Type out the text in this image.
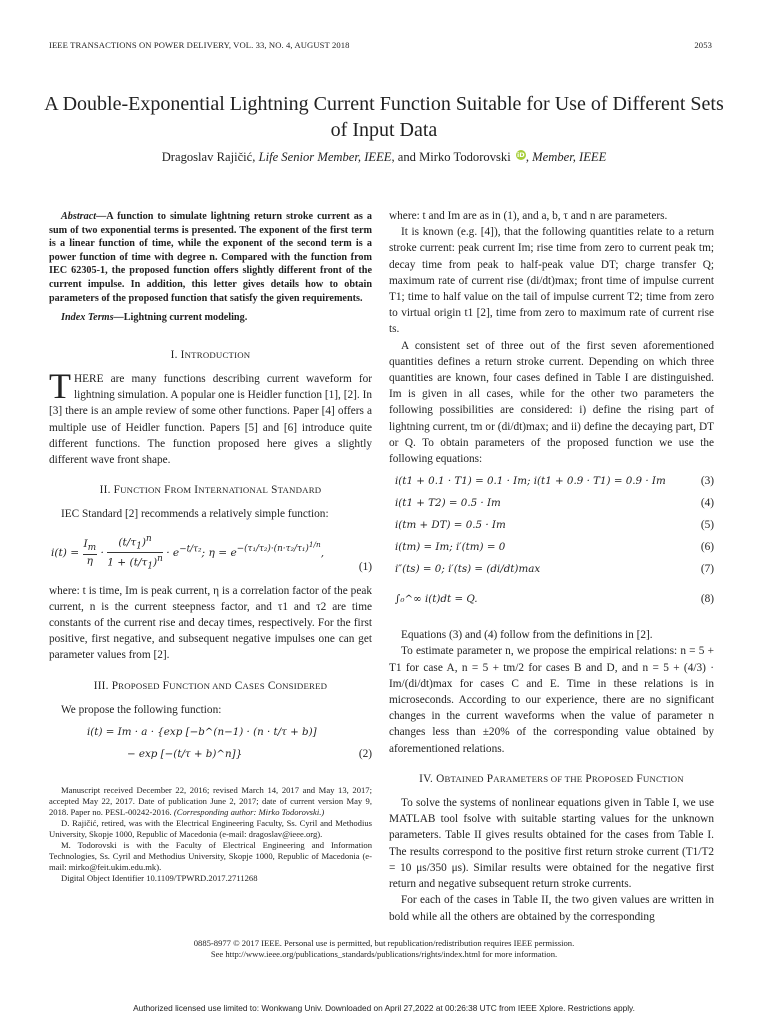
IEEE TRANSACTIONS ON POWER DELIVERY, VOL. 33, NO. 4, AUGUST 2018	2053
A Double-Exponential Lightning Current Function Suitable for Use of Different Sets of Input Data
Dragoslav Rajičić, Life Senior Member, IEEE, and Mirko Todorovski iD, Member, IEEE

Abstract—A function to simulate lightning return stroke current as a sum of two exponential terms is presented. The exponent of the first term is a linear function of time, while the exponent of the second term is a power function of time with degree n. Compared with the function from IEC 62305-1, the proposed function offers slightly different front of the current impulse. In addition, this letter gives details how to obtain parameters of the proposed function that satisfy the given requirements.

Index Terms—Lightning current modeling.

I. INTRODUCTION

THERE are many functions describing current waveform for lightning simulation. A popular one is Heidler function [1], [2]. In [3] there is an ample review of some other functions. Paper [4] offers a multiple use of Heidler function. Papers [5] and [6] introduce quite different functions. The function proposed here gives a slightly different wave front shape.

II. FUNCTION FROM INTERNATIONAL STANDARD

IEC Standard [2] recommends a relatively simple function:

$i(t) = \frac{I_m}{\eta} \cdot \frac{(t/\tau_1)^n}{1 + (t/\tau_1)^n} \cdot e^{-t/\tau_2}$; $\eta = e^{-(\tau_1/\tau_2)\cdot(n\cdot\tau_2/\tau_1)^{1/n}}$,
(1)

where: t is time, Im is peak current, η is a correlation factor of the peak current, n is the current steepness factor, and τ1 and τ2 are time constants of the current rise and decay times, respectively. For the first positive, first negative, and subsequent negative impulses one can get parameter values from [2].

III. PROPOSED FUNCTION AND CASES CONSIDERED

We propose the following function:

i(t) = Im · a · {exp [−b^(n−1) · (n · t/τ + b)]
− exp [−(t/τ + b)^n]}	(2)
Manuscript received December 22, 2016; revised March 14, 2017 and May 13, 2017; accepted May 22, 2017. Date of publication June 2, 2017; date of current version May 9, 2018. Paper no. PESL-00242-2016. (Corresponding author: Mirko Todorovski.)
D. Rajičić, retired, was with the Electrical Engineering Faculty, Ss. Cyril and Methodius University, Skopje 1000, Republic of Macedonia (e-mail: dragoslav@ieee.org).
M. Todorovski is with the Faculty of Electrical Engineering and Information Technologies, Ss. Cyril and Methodius University, Skopje 1000, Republic of Macedonia (e-mail: mirko@feit.ukim.edu.mk).
Digital Object Identifier 10.1109/TPWRD.2017.2711268

where: t and Im are as in (1), and a, b, τ and n are parameters.

It is known (e.g. [4]), that the following quantities relate to a return stroke current: peak current Im; rise time from zero to current peak tm; decay time from peak to half-peak value DT; charge transfer Q; maximum rate of current rise (di/dt)max; front time of impulse current T1; time to half value on the tail of impulse current T2; time from zero to virtual origin t1 [2], time from zero to maximum rate of current rise ts.

A consistent set of three out of the first seven aforementioned quantities defines a return stroke current. Depending on which three quantities are known, four cases defined in Table I are distinguished. Im is given in all cases, while for the other two parameters the following possibilities are considered: i) define the rising part of lightning current, tm or (di/dt)max; and ii) define the decaying part, DT or Q. To obtain parameters of the proposed function we use the following equations:

i(t1 + 0.1 · T1) = 0.1 · Im; i(t1 + 0.9 · T1) = 0.9 · Im	(3)
i(t1 + T2) = 0.5 · Im	(4)
i(tm + DT) = 0.5 · Im	(5)
i(tm) = Im; i′(tm) = 0	(6)
i″(ts) = 0; i′(ts) = (di/dt)max	(7)
∫₀^∞ i(t)dt = Q.	(8)

Equations (3) and (4) follow from the definitions in [2].

To estimate parameter n, we propose the empirical relations: n = 5 + T1 for case A, n = 5 + tm/2 for cases B and D, and n = 5 + (4/3) · Im/(di/dt)max for cases C and E. Time in these relations is in microseconds. According to our experience, there are no significant changes in the current waveforms when the value of parameter n changes less than ±20% of the corresponding value obtained by aforementioned relations.

IV. OBTAINED PARAMETERS OF THE PROPOSED FUNCTION

To solve the systems of nonlinear equations given in Table I, we use MATLAB tool fsolve with suitable starting values for the unknown parameters. Table II gives results obtained for the cases from Table I. The results correspond to the positive first return stroke current (T1/T2 = 10 μs/350 μs). Similar results were obtained for the negative first return and negative subsequent return stroke currents.

For each of the cases in Table II, the two given values are written in bold while all the others are obtained by the corresponding

0885-8977 © 2017 IEEE. Personal use is permitted, but republication/redistribution requires IEEE permission.
See http://www.ieee.org/publications_standards/publications/rights/index.html for more information.
Authorized licensed use limited to: Wonkwang Univ. Downloaded on April 27,2022 at 00:26:38 UTC from IEEE Xplore. Restrictions apply.
